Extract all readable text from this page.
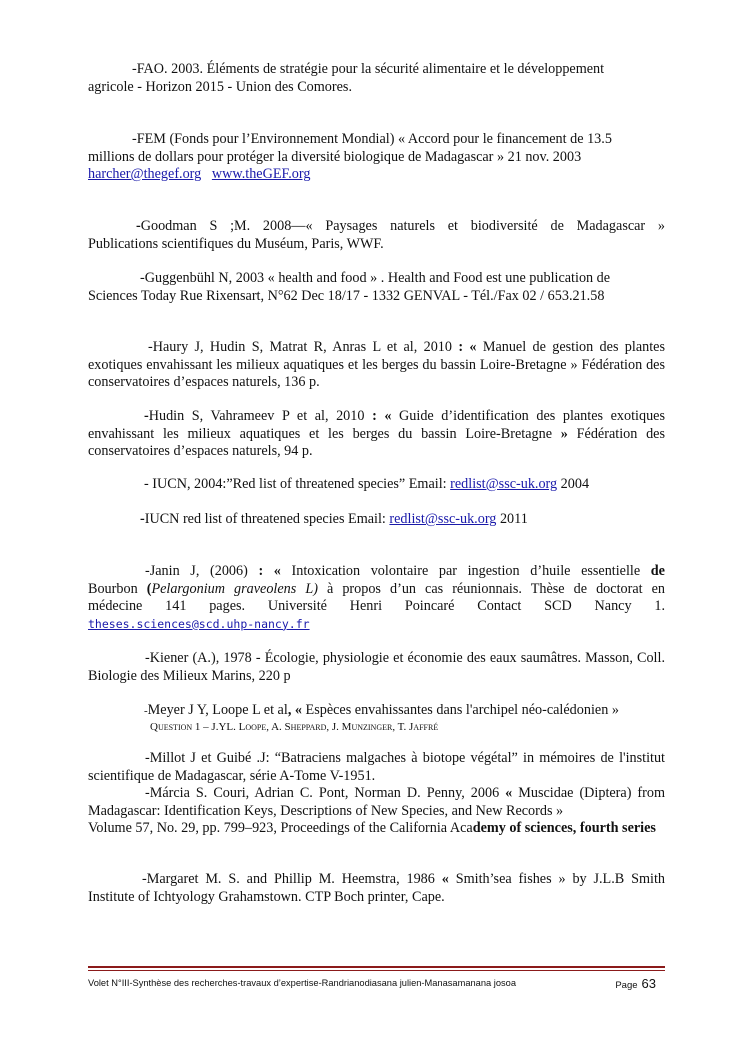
-FAO. 2003. Éléments de stratégie pour la sécurité alimentaire et le développement
agricole - Horizon 2015 - Union des Comores.
-FEM (Fonds pour l’Environnement Mondial) « Accord pour le financement de 13.5
millions de dollars pour protéger la diversité biologique de Madagascar » 21 nov. 2003
harcher@thegef.org www.theGEF.org
-Goodman S ;M. 2008—« Paysages naturels et biodiversité de Madagascar »
Publications scientifiques du Muséum, Paris, WWF.
-Guggenbühl N, 2003 « health and food » . Health and Food est une publication de
Sciences Today Rue Rixensart, N°62 Dec 18/17 - 1332 GENVAL - Tél./Fax 02 / 653.21.58
-Haury J, Hudin S, Matrat R, Anras L et al, 2010 : « Manuel de gestion des plantes exotiques envahissant les milieux aquatiques et les berges du bassin Loire-Bretagne » Fédération des conservatoires d’espaces naturels, 136 p.
-Hudin S, Vahrameev P et al, 2010 : « Guide d’identification des plantes exotiques envahissant les milieux aquatiques et les berges du bassin Loire-Bretagne » Fédération des conservatoires d’espaces naturels, 94 p.
- IUCN, 2004:”Red list of threatened species” Email: redlist@ssc-uk.org 2004
-IUCN red list of threatened species Email: redlist@ssc-uk.org 2011
-Janin J, (2006) : « Intoxication volontaire par ingestion d’huile essentielle de
Bourbon (Pelargonium graveolens L) à propos d’un cas réunionnais. Thèse de doctorat en
médecine 141 pages. Université Henri Poincaré Contact SCD Nancy 1.
theses.sciences@scd.uhp-nancy.fr
-Kiener (A.), 1978 - Écologie, physiologie et économie des eaux saumâtres. Masson, Coll. Biologie des Milieux Marins, 220 p
-Meyer J Y, Loope L et al, « Espèces envahissantes dans l'archipel néo-calédonien »
Question 1 – J.YL. Loope, A. Sheppard, J. Munzinger, T. Jaffré
-Millot J et Guibé .J: “Batraciens malgaches à biotope végétal” in mémoires de l'institut scientifique de Madagascar, série A-Tome V-1951.
-Márcia S. Couri, Adrian C. Pont, Norman D. Penny, 2006 « Muscidae (Diptera) from
Madagascar: Identification Keys, Descriptions of New Species, and New Records »
Volume 57, No. 29, pp. 799–923, Proceedings of the California Academy of sciences, fourth series
-Margaret M. S. and Phillip M. Heemstra, 1986 « Smith’sea fishes » by J.L.B Smith
Institute of Ichtyology Grahamstown. CTP Boch printer, Cape.
Volet N°III-Synthèse des recherches-travaux d’expertise-Randrianodiasana julien-Manasamanana josoa	Page 63
